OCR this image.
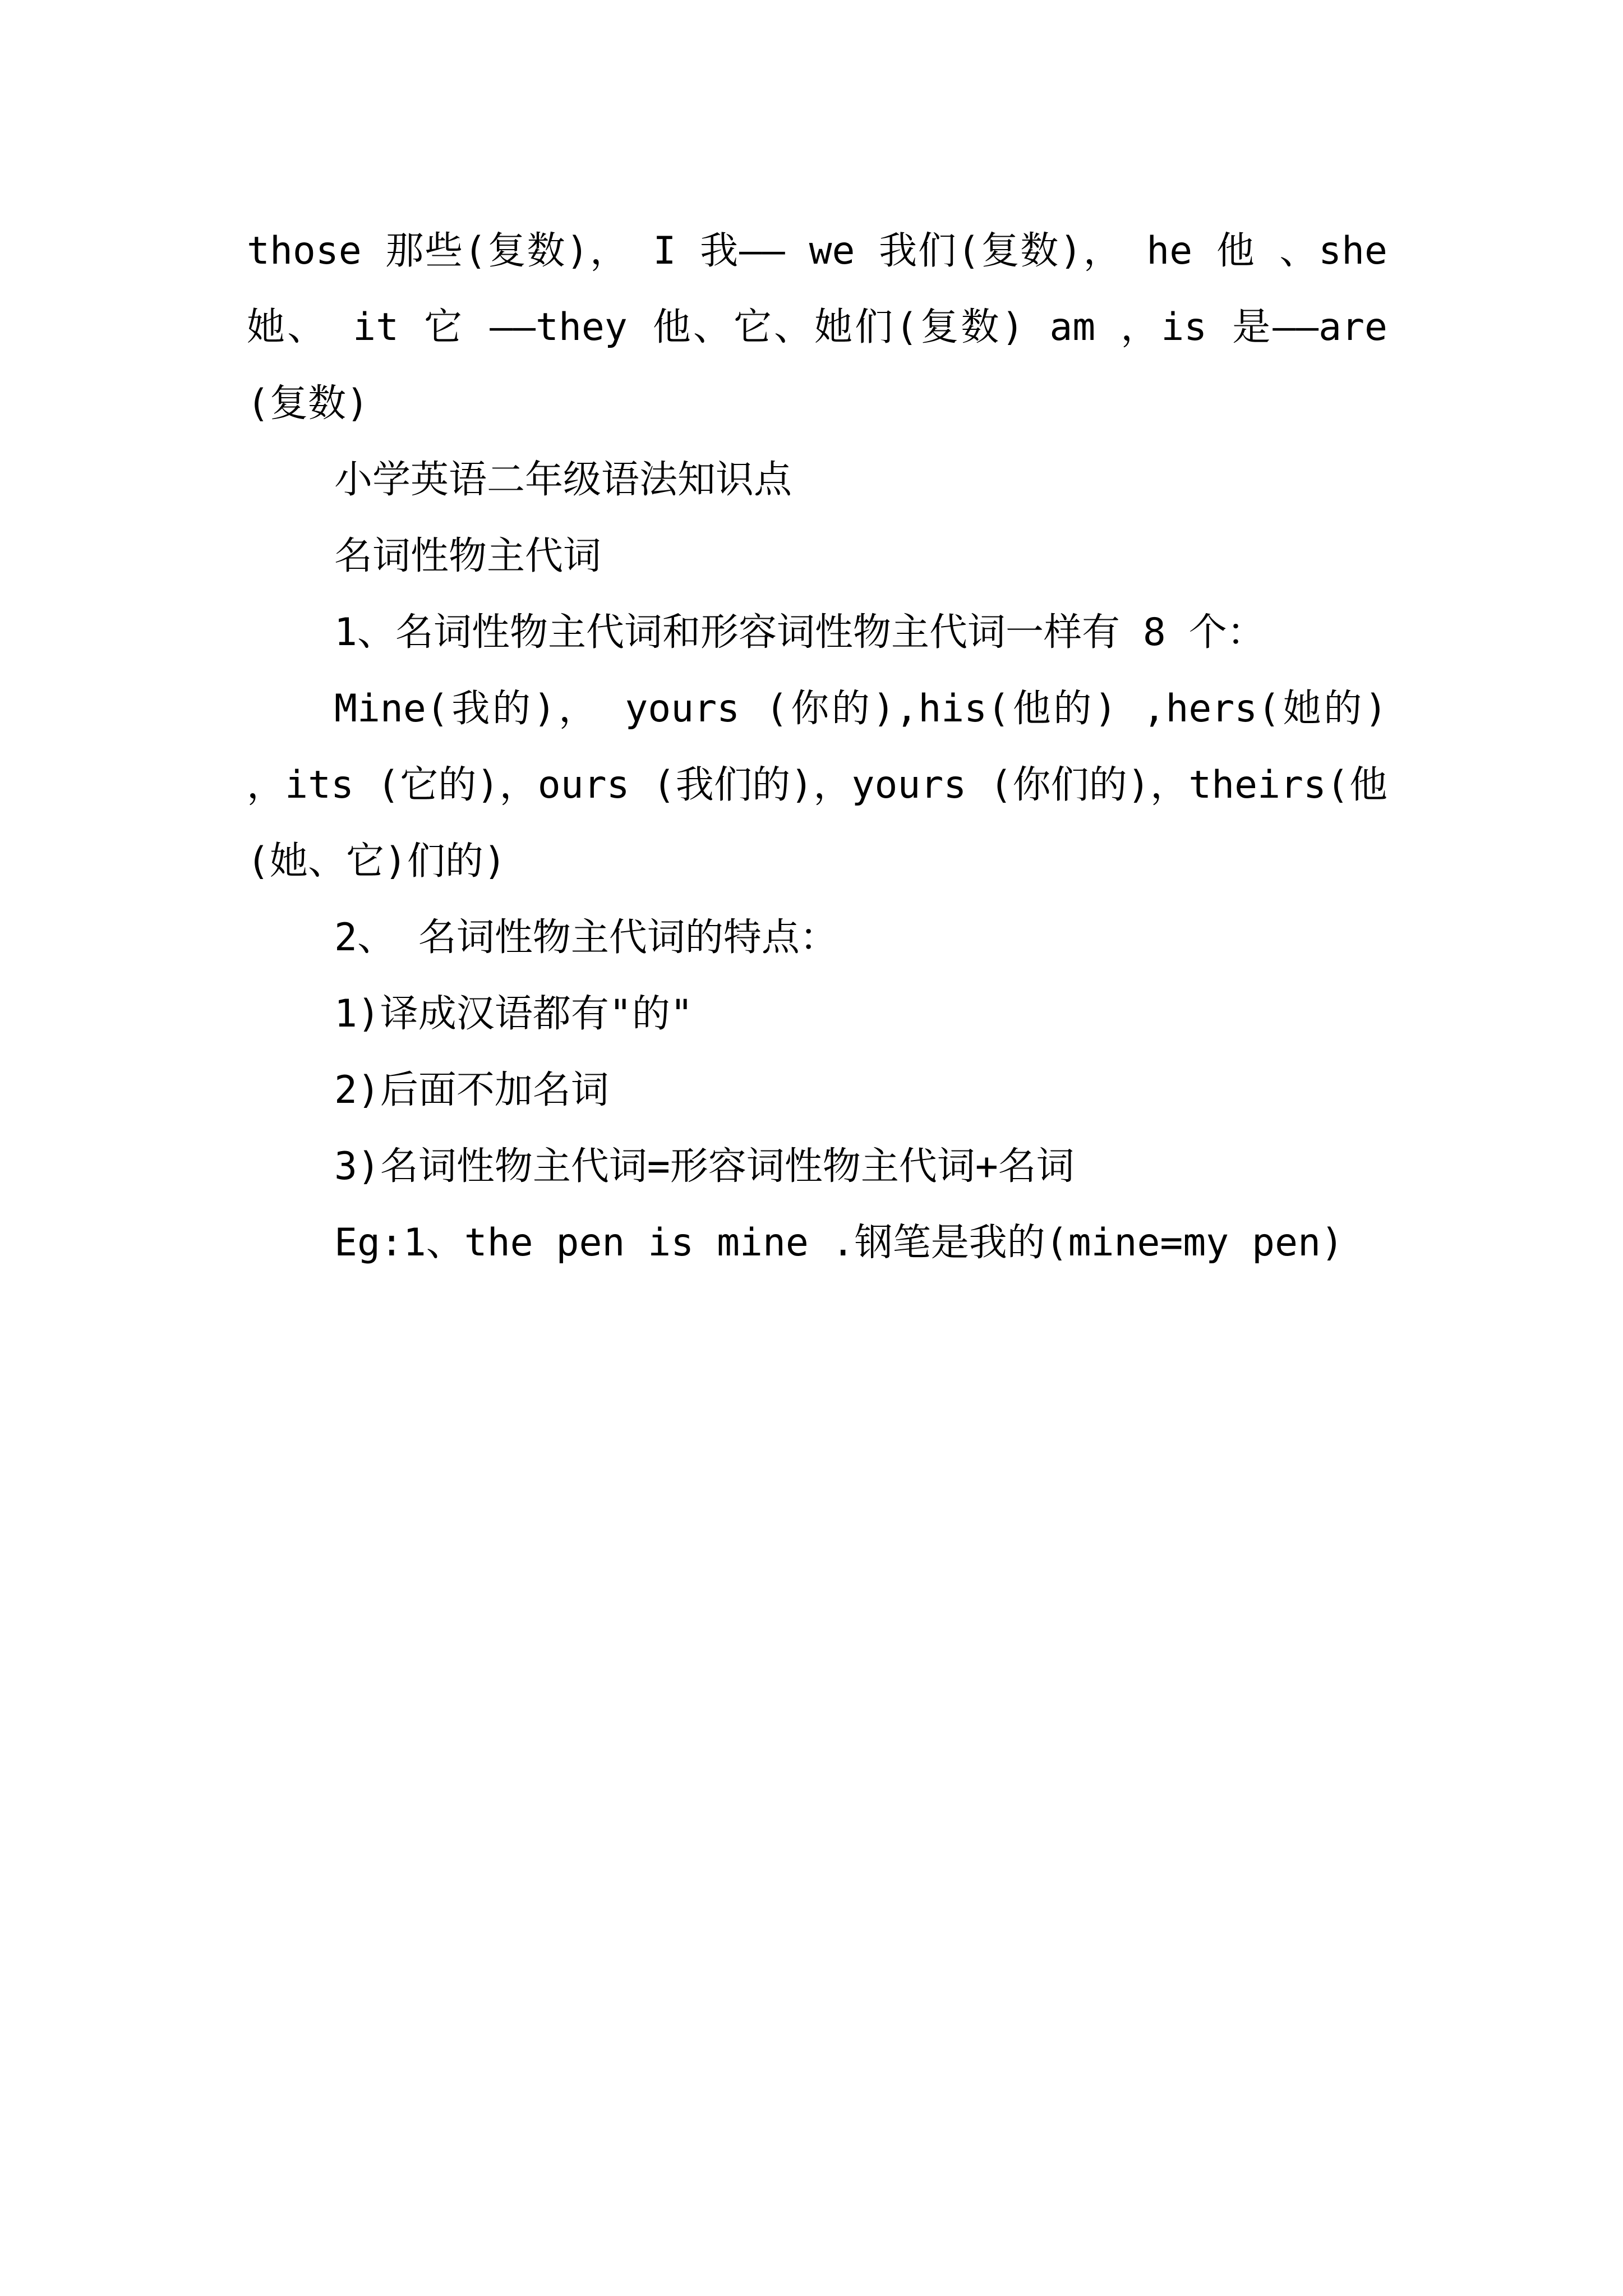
those 那些(复数)， I 我—— we 我们(复数)， he 他 、she 她、 it 它 ——they 他、它、她们(复数) am ，is 是——are(复数)

小学英语二年级语法知识点

名词性物主代词

1、名词性物主代词和形容词性物主代词一样有 8 个：

Mine(我的)， yours (你的),his(他的) ,hers(她的) ，its (它的)，ours (我们的)，yours (你们的)，theirs(他(她、它)们的)

2、 名词性物主代词的特点：

1)译成汉语都有"的"

2)后面不加名词

3)名词性物主代词=形容词性物主代词+名词

Eg:1、the pen is mine .钢笔是我的(mine=my pen)
